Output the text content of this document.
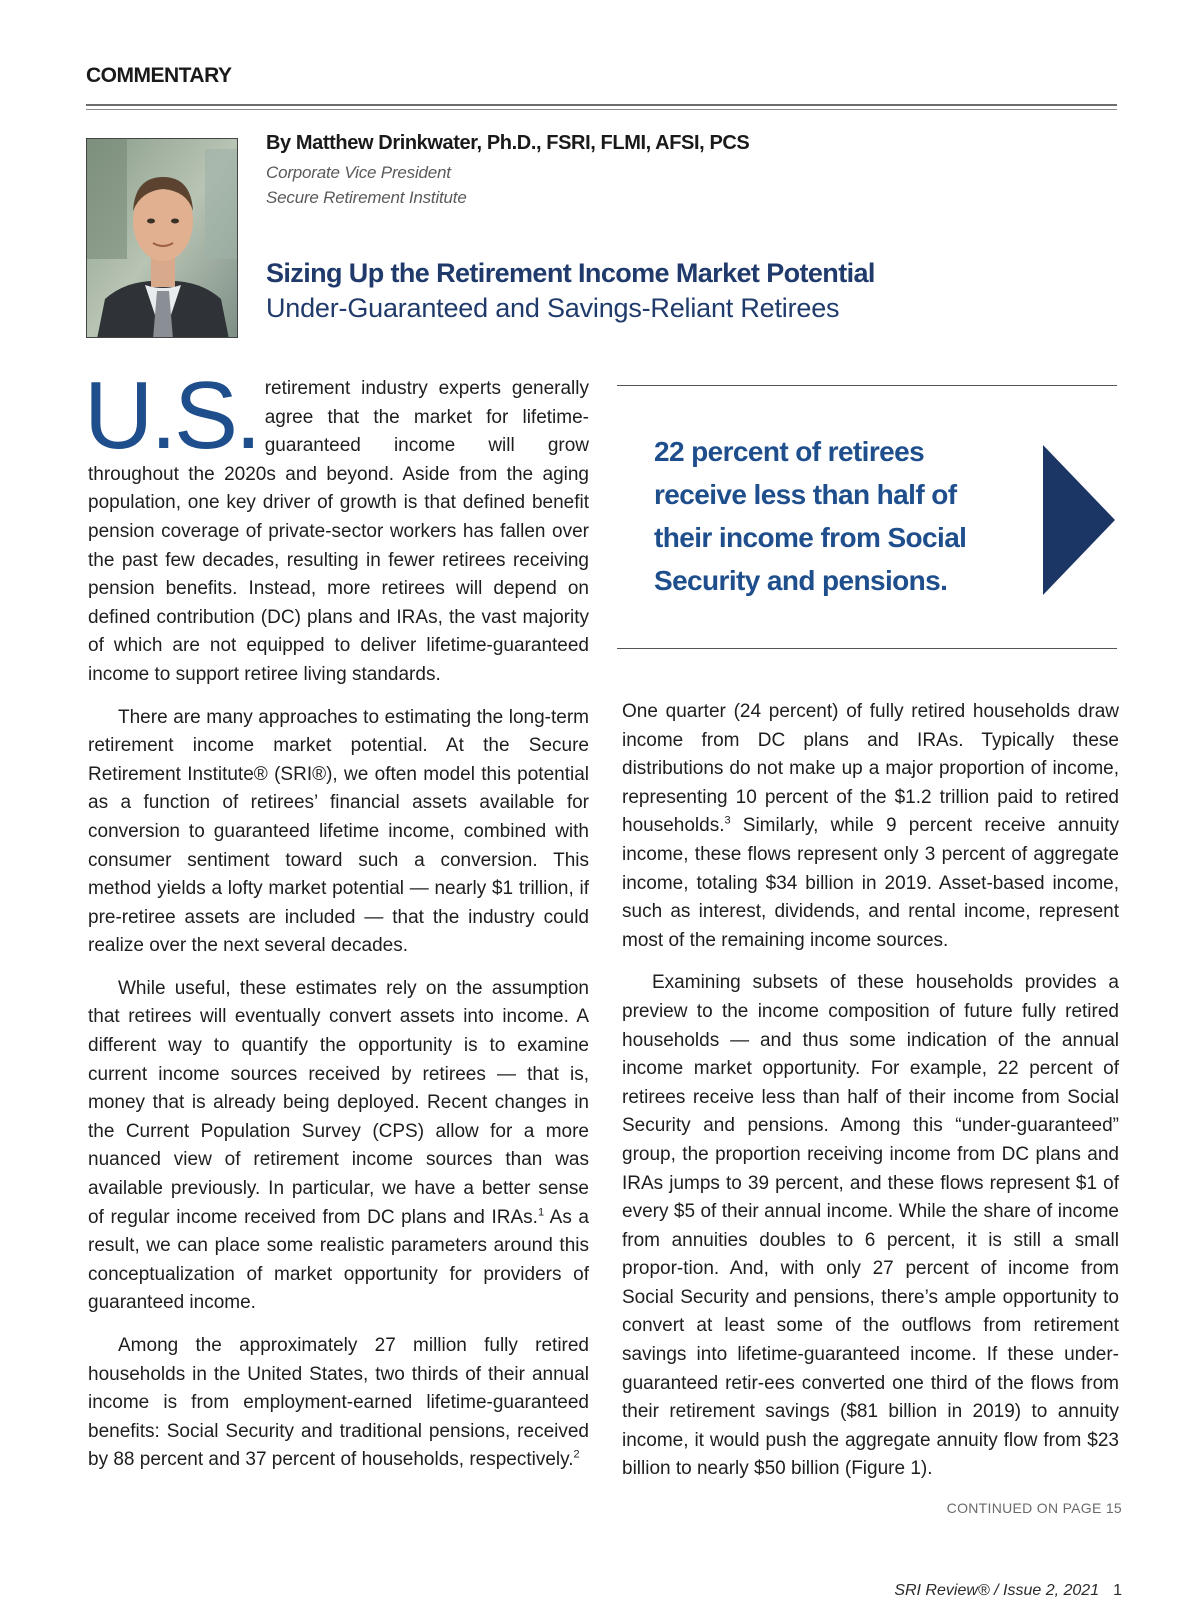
COMMENTARY
By Matthew Drinkwater, Ph.D., FSRI, FLMI, AFSI, PCS
Corporate Vice President
Secure Retirement Institute
Sizing Up the Retirement Income Market Potential
Under-Guaranteed and Savings-Reliant Retirees

U.S. retirement industry experts generally agree that the market for lifetime-guaranteed income will grow throughout the 2020s and beyond. Aside from the aging population, one key driver of growth is that defined benefit pension coverage of private-sector workers has fallen over the past few decades, resulting in fewer retirees receiving pension benefits. Instead, more retirees will depend on defined contribution (DC) plans and IRAs, the vast majority of which are not equipped to deliver lifetime-guaranteed income to support retiree living standards.

There are many approaches to estimating the long-term retirement income market potential. At the Secure Retirement Institute® (SRI®), we often model this potential as a function of retirees’ financial assets available for conversion to guaranteed lifetime income, combined with consumer sentiment toward such a conversion. This method yields a lofty market potential — nearly $1 trillion, if pre-retiree assets are included — that the industry could realize over the next several decades.

While useful, these estimates rely on the assumption that retirees will eventually convert assets into income. A different way to quantify the opportunity is to examine current income sources received by retirees — that is, money that is already being deployed. Recent changes in the Current Population Survey (CPS) allow for a more nuanced view of retirement income sources than was available previously. In particular, we have a better sense of regular income received from DC plans and IRAs.$^1$ As a result, we can place some realistic parameters around this conceptualization of market opportunity for providers of guaranteed income.

Among the approximately 27 million fully retired households in the United States, two thirds of their annual income is from employment-earned lifetime-guaranteed benefits: Social Security and traditional pensions, received by 88 percent and 37 percent of households, respectively.$^2$

22 percent of retirees receive less than half of their income from Social Security and pensions.

One quarter (24 percent) of fully retired households draw income from DC plans and IRAs. Typically these distributions do not make up a major proportion of income, representing 10 percent of the $1.2 trillion paid to retired households.$^3$ Similarly, while 9 percent receive annuity income, these flows represent only 3 percent of aggregate income, totaling $34 billion in 2019. Asset-based income, such as interest, dividends, and rental income, represent most of the remaining income sources.

Examining subsets of these households provides a preview to the income composition of future fully retired households — and thus some indication of the annual income market opportunity. For example, 22 percent of retirees receive less than half of their income from Social Security and pensions. Among this “under-guaranteed” group, the proportion receiving income from DC plans and IRAs jumps to 39 percent, and these flows represent $1 of every $5 of their annual income. While the share of income from annuities doubles to 6 percent, it is still a small propor-tion. And, with only 27 percent of income from Social Security and pensions, there’s ample opportunity to convert at least some of the outflows from retirement savings into lifetime-guaranteed income. If these under-guaranteed retir-ees converted one third of the flows from their retirement savings ($81 billion in 2019) to annuity income, it would push the aggregate annuity flow from $23 billion to nearly $50 billion (Figure 1).

CONTINUED ON PAGE 15
SRI Review® / Issue 2, 2021 1
